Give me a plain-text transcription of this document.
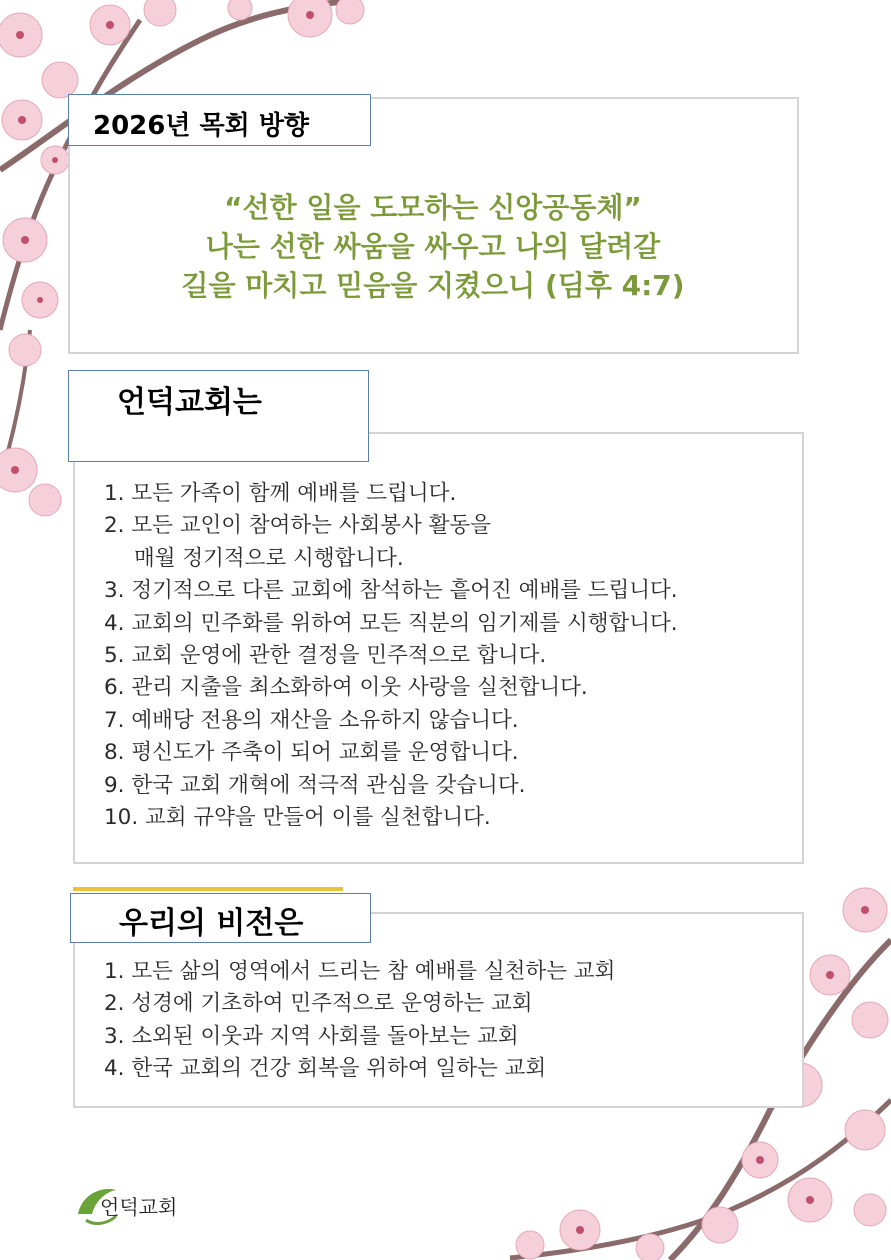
2026년 목회 방향
“선한 일을 도모하는 신앙공동체”
나는 선한 싸움을 싸우고 나의 달려갈
길을 마치고 믿음을 지켰으니 (딤후 4:7)
언덕교회는
1. 모든 가족이 함께 예배를 드립니다.
2. 모든 교인이 참여하는 사회봉사 활동을
매월 정기적으로 시행합니다.
3. 정기적으로 다른 교회에 참석하는 흩어진 예배를 드립니다.
4. 교회의 민주화를 위하여 모든 직분의 임기제를 시행합니다.
5. 교회 운영에 관한 결정을 민주적으로 합니다.
6. 관리 지출을 최소화하여 이웃 사랑을 실천합니다.
7. 예배당 전용의 재산을 소유하지 않습니다.
8. 평신도가 주축이 되어 교회를 운영합니다.
9. 한국 교회 개혁에 적극적 관심을 갖습니다.
10. 교회 규약을 만들어 이를 실천합니다.
우리의 비전은
1. 모든 삶의 영역에서 드리는 참 예배를 실천하는 교회
2. 성경에 기초하여 민주적으로 운영하는 교회
3. 소외된 이웃과 지역 사회를 돌아보는 교회
4. 한국 교회의 건강 회복을 위하여 일하는 교회
언덕교회
